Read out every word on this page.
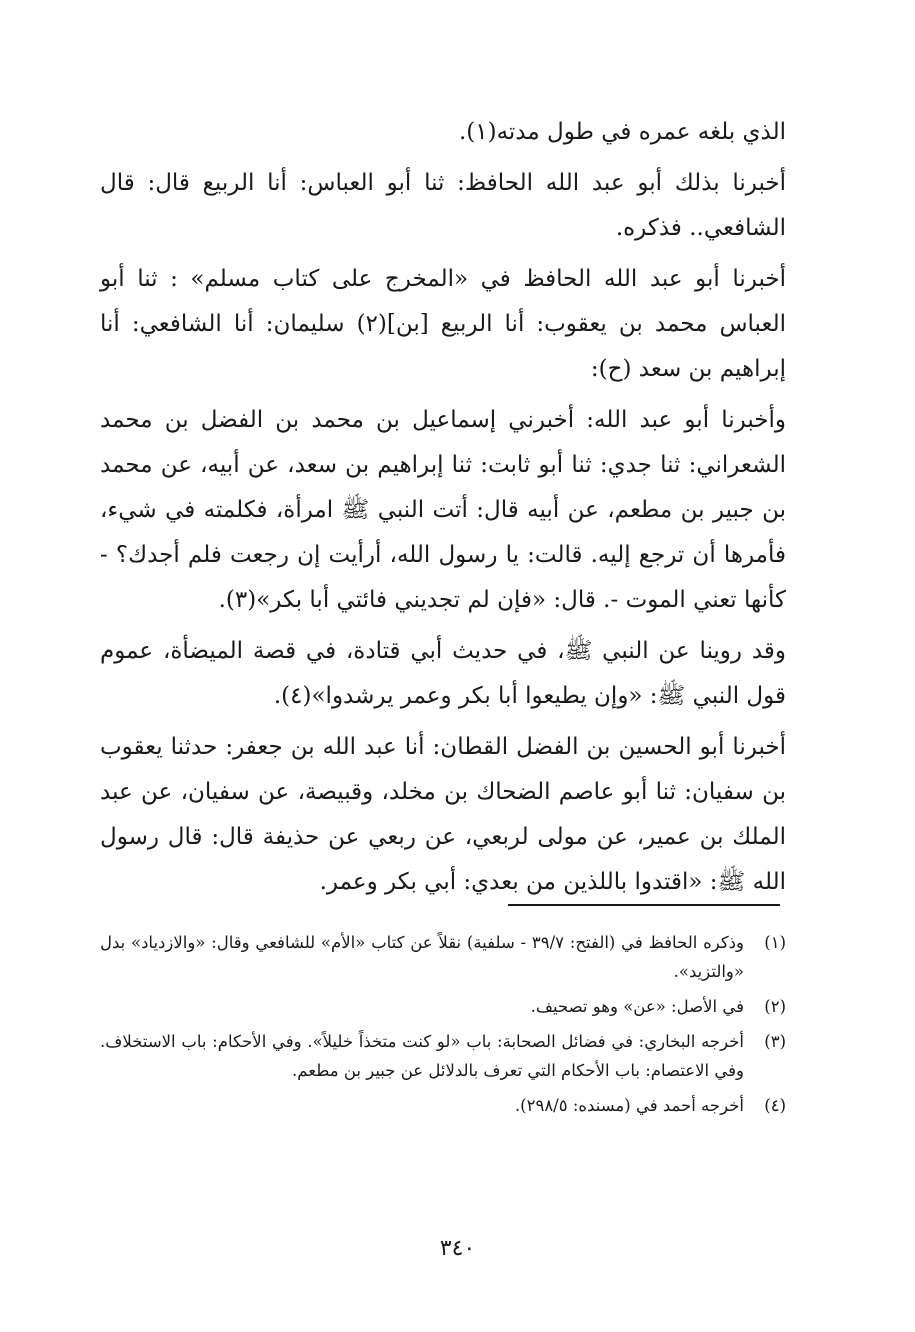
الذي بلغه عمره في طول مدته(١).

أخبرنا بذلك أبو عبد الله الحافظ: ثنا أبو العباس: أنا الربيع قال: قال الشافعي.. فذكره.

أخبرنا أبو عبد الله الحافظ في «المخرج على كتاب مسلم» : ثنا أبو العباس محمد بن يعقوب: أنا الربيع [بن](٢) سليمان: أنا الشافعي: أنا إبراهيم بن سعد (ح):

وأخبرنا أبو عبد الله: أخبرني إسماعيل بن محمد بن الفضل بن محمد الشعراني: ثنا جدي: ثنا أبو ثابت: ثنا إبراهيم بن سعد، عن أبيه، عن محمد بن جبير بن مطعم، عن أبيه قال: أتت النبي ﷺ امرأة، فكلمته في شيء، فأمرها أن ترجع إليه. قالت: يا رسول الله، أرأيت إن رجعت فلم أجدك؟ - كأنها تعني الموت -. قال: «فإن لم تجديني فائتي أبا بكر»(٣).

وقد روينا عن النبي ﷺ، في حديث أبي قتادة، في قصة الميضأة، عموم قول النبي ﷺ: «وإن يطيعوا أبا بكر وعمر يرشدوا»(٤).

أخبرنا أبو الحسين بن الفضل القطان: أنا عبد الله بن جعفر: حدثنا يعقوب بن سفيان: ثنا أبو عاصم الضحاك بن مخلد، وقبيصة، عن سفيان، عن عبد الملك بن عمير، عن مولى لربعي، عن ربعي عن حذيفة قال: قال رسول الله ﷺ: «اقتدوا باللذين من بعدي: أبي بكر وعمر.

(١)
وذكره الحافظ في (الفتح: ٣٩/٧ - سلفية) نقلاً عن كتاب «الأم» للشافعي وقال: «والازدياد» بدل «والتزيد».
(٢)
في الأصل: «عن» وهو تصحيف.
(٣)
أخرجه البخاري: في فضائل الصحابة: باب «لو كنت متخذاً خليلاً». وفي الأحكام: باب الاستخلاف. وفي الاعتصام: باب الأحكام التي تعرف بالدلائل عن جبير بن مطعم.
(٤)
أخرجه أحمد في (مسنده: ٢٩٨/٥).
٣٤٠
